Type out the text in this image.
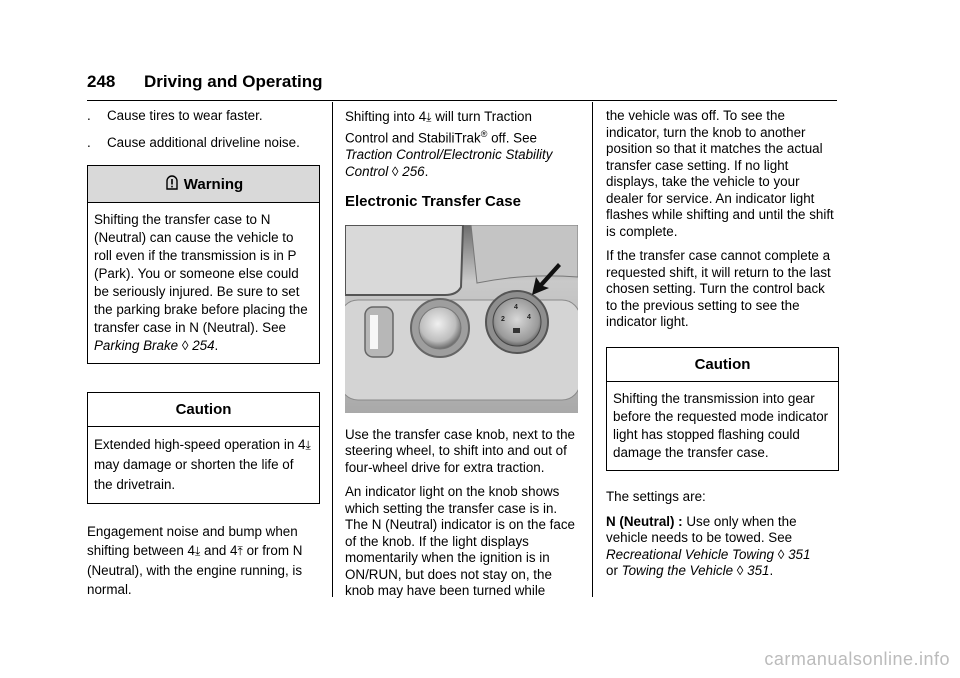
248 Driving and Operating
.	Cause tires to wear faster.
.	Cause additional driveline noise.
Warning
Shifting the transfer case to N (Neutral) can cause the vehicle to roll even if the transmission is in P (Park). You or someone else could be seriously injured. Be sure to set the parking brake before placing the transfer case in N (Neutral). See Parking Brake ◊ 254.
Caution
Extended high-speed operation in 4⤓ may damage or shorten the life of the drivetrain.

Engagement noise and bump when shifting between 4⤓ and 4⤒ or from N (Neutral), with the engine running, is normal.

Shifting into 4⤓ will turn Traction Control and StabiliTrak® off. See Traction Control/Electronic Stability Control ◊ 256.

Electronic Transfer Case
2
4
4

Use the transfer case knob, next to the steering wheel, to shift into and out of four-wheel drive for extra traction.

An indicator light on the knob shows which setting the transfer case is in. The N (Neutral) indicator is on the face of the knob. If the light displays momentarily when the ignition is in ON/RUN, but does not stay on, the knob may have been turned while

the vehicle was off. To see the indicator, turn the knob to another position so that it matches the actual transfer case setting. If no light displays, take the vehicle to your dealer for service. An indicator light flashes while shifting and until the shift is complete.

If the transfer case cannot complete a requested shift, it will return to the last chosen setting. Turn the control back to the previous setting to see the indicator light.

Caution
Shifting the transmission into gear before the requested mode indicator light has stopped flashing could damage the transfer case.

The settings are:

N (Neutral) : Use only when the vehicle needs to be towed. See Recreational Vehicle Towing ◊ 351
or Towing the Vehicle ◊ 351.

carmanualsonline.info
